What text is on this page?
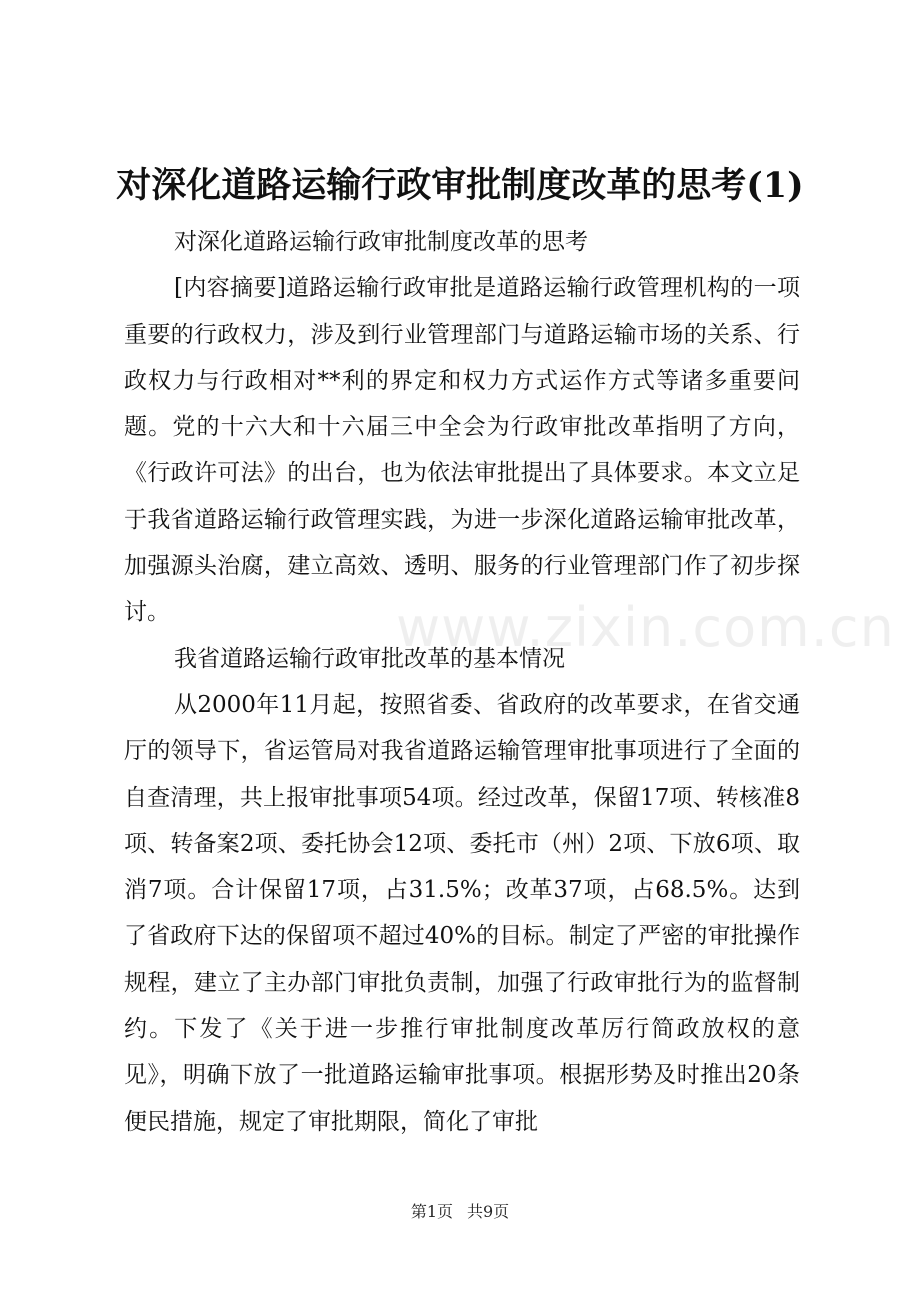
对深化道路运输行政审批制度改革的思考(1)

对深化道路运输行政审批制度改革的思考

[内容摘要]道路运输行政审批是道路运输行政管理机构的一项重要的行政权力，涉及到行业管理部门与道路运输市场的关系、行政权力与行政相对**利的界定和权力方式运作方式等诸多重要问题。党的十六大和十六届三中全会为行政审批改革指明了方向，《行政许可法》的出台，也为依法审批提出了具体要求。本文立足于我省道路运输行政管理实践，为进一步深化道路运输审批改革，加强源头治腐，建立高效、透明、服务的行业管理部门作了初步探讨。

我省道路运输行政审批改革的基本情况

从2000年11月起，按照省委、省政府的改革要求，在省交通厅的领导下，省运管局对我省道路运输管理审批事项进行了全面的自查清理，共上报审批事项54项。经过改革，保留17项、转核准8项、转备案2项、委托协会12项、委托市（州）2项、下放6项、取消7项。合计保留17项，占31.5%；改革37项，占68.5%。达到了省政府下达的保留项不超过40%的目标。制定了严密的审批操作规程，建立了主办部门审批负责制，加强了行政审批行为的监督制约。下发了《关于进一步推行审批制度改革厉行简政放权的意见》，明确下放了一批道路运输审批事项。根据形势及时推出20条便民措施，规定了审批期限，简化了审批

www.zixin.com.cn
第1页 共9页
